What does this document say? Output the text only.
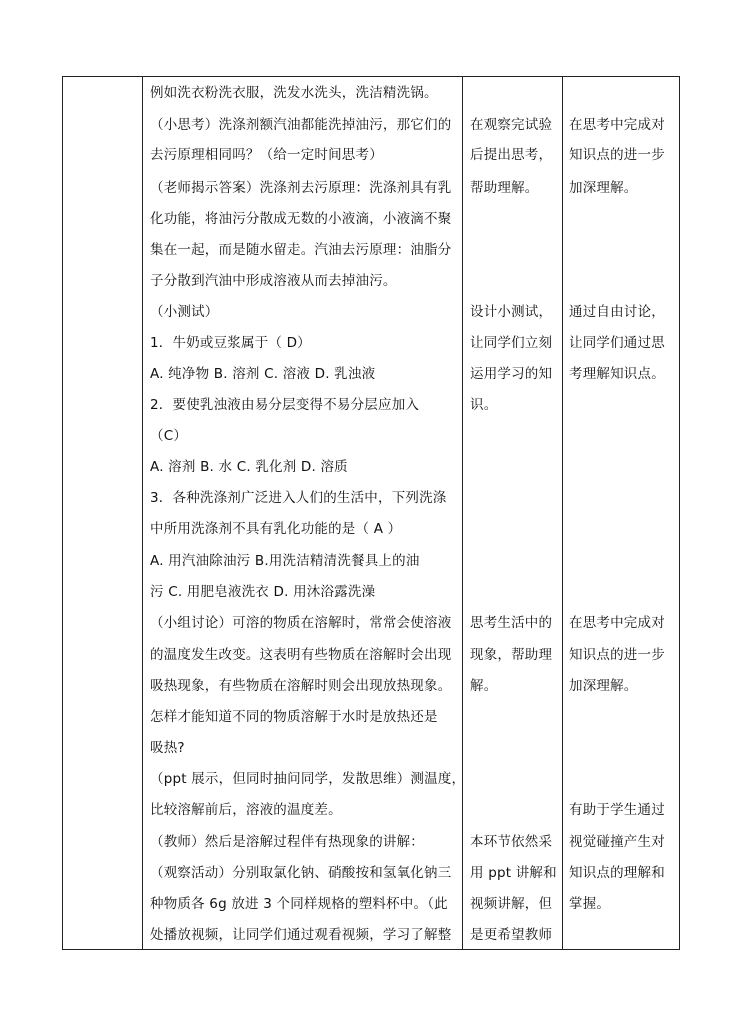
例如洗衣粉洗衣服，洗发水洗头，洗洁精洗锅。
（小思考）洗涤剂额汽油都能洗掉油污，那它们的
去污原理相同吗？（给一定时间思考）
（老师揭示答案）洗涤剂去污原理：洗涤剂具有乳
化功能，将油污分散成无数的小液滴，小液滴不聚
集在一起，而是随水留走。汽油去污原理：油脂分
子分散到汽油中形成溶液从而去掉油污。
（小测试）
1．牛奶或豆浆属于（ D）
A. 纯净物 B. 溶剂 C. 溶液 D. 乳浊液
2．要使乳浊液由易分层变得不易分层应加入
（C）
A. 溶剂 B. 水 C. 乳化剂 D. 溶质
3．各种洗涤剂广泛进入人们的生活中，下列洗涤
中所用洗涤剂不具有乳化功能的是（ A ）
A. 用汽油除油污 B.用洗洁精清洗餐具上的油
污 C. 用肥皂液洗衣 D. 用沐浴露洗澡
（小组讨论）可溶的物质在溶解时，常常会使溶液
的温度发生改变。这表明有些物质在溶解时会出现
吸热现象，有些物质在溶解时则会出现放热现象。
怎样才能知道不同的物质溶解于水时是放热还是
吸热?
（ppt 展示，但同时抽问同学，发散思维）测温度，
比较溶解前后，溶液的温度差。
（教师）然后是溶解过程伴有热现象的讲解：
（观察活动）分别取氯化钠、硝酸按和氢氧化钠三
种物质各 6g 放进 3 个同样规格的塑料杯中。（此
处播放视频，让同学们通过观看视频，学习了解整
在观察完试验
后提出思考，
帮助理解。
设计小测试，
让同学们立刻
运用学习的知
识。
思考生活中的
现象，帮助理
解。
本环节依然采
用 ppt 讲解和
视频讲解，但
是更希望教师
在思考中完成对
知识点的进一步
加深理解。
通过自由讨论，
让同学们通过思
考理解知识点。
在思考中完成对
知识点的进一步
加深理解。
有助于学生通过
视觉碰撞产生对
知识点的理解和
掌握。
